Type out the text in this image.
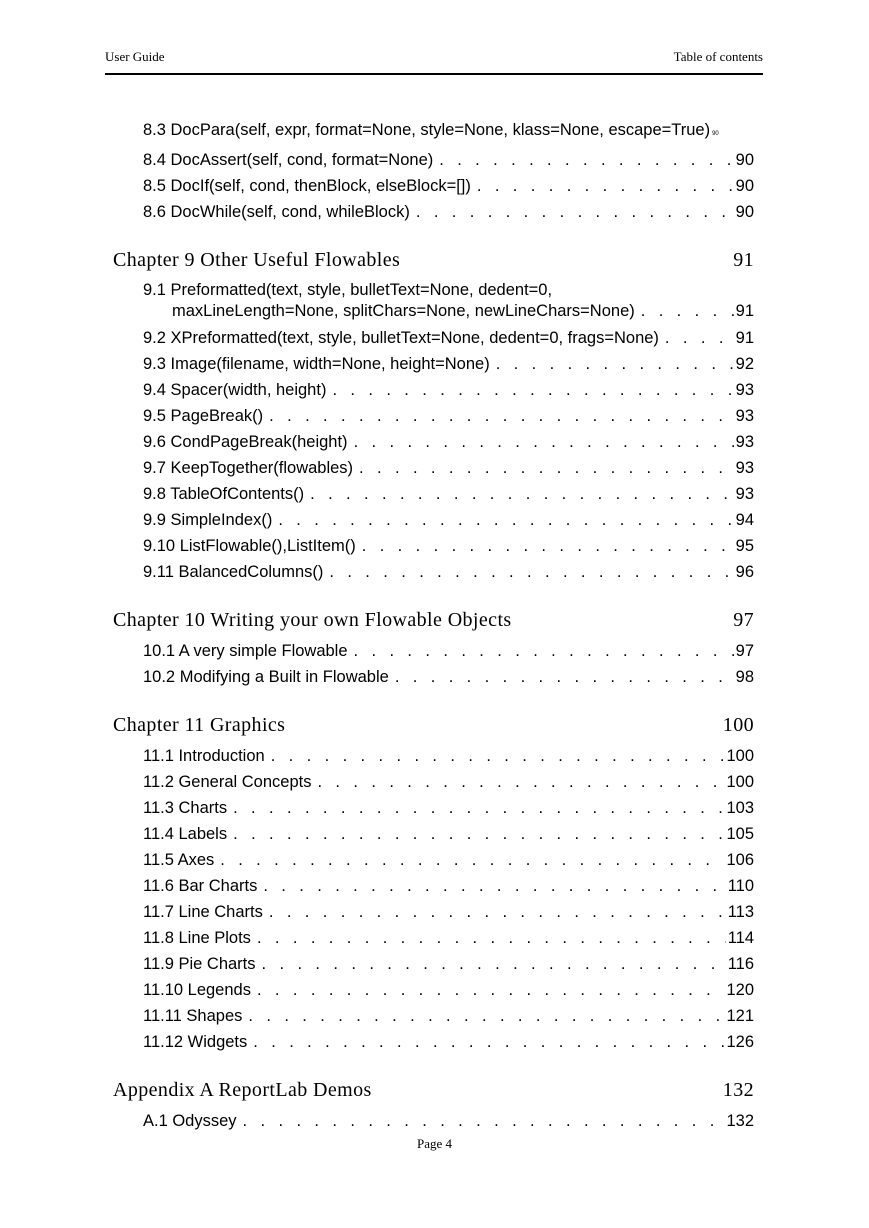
User Guide	Table of contents
8.3 DocPara(self, expr, format=None, style=None, klass=None, escape=True) 90
8.4 DocAssert(self, cond, format=None) . . .	90
8.5 DocIf(self, cond, thenBlock, elseBlock=[]) . . .	90
8.6 DocWhile(self, cond, whileBlock) . . .	90
Chapter 9 Other Useful Flowables	91
9.1 Preformatted(text, style, bulletText=None, dedent=0,
maxLineLength=None, splitChars=None, newLineChars=None) . . .	91
9.2 XPreformatted(text, style, bulletText=None, dedent=0, frags=None) . . .	91
9.3 Image(filename, width=None, height=None) . . .	92
9.4 Spacer(width, height) . . .	93
9.5 PageBreak() . . .	93
9.6 CondPageBreak(height) . . .	93
9.7 KeepTogether(flowables) . . .	93
9.8 TableOfContents() . . .	93
9.9 SimpleIndex() . . .	94
9.10 ListFlowable(),ListItem() . . .	95
9.11 BalancedColumns() . . .	96
Chapter 10 Writing your own Flowable Objects	97
10.1 A very simple Flowable . . .	97
10.2 Modifying a Built in Flowable . . .	98
Chapter 11 Graphics	100
11.1 Introduction . . .	100
11.2 General Concepts . . .	100
11.3 Charts . . .	103
11.4 Labels . . .	105
11.5 Axes . . .	106
11.6 Bar Charts . . .	110
11.7 Line Charts . . .	113
11.8 Line Plots . . .	114
11.9 Pie Charts . . .	116
11.10 Legends . . .	120
11.11 Shapes . . .	121
11.12 Widgets . . .	126
Appendix A ReportLab Demos	132
A.1 Odyssey . . .	132
Page 4
